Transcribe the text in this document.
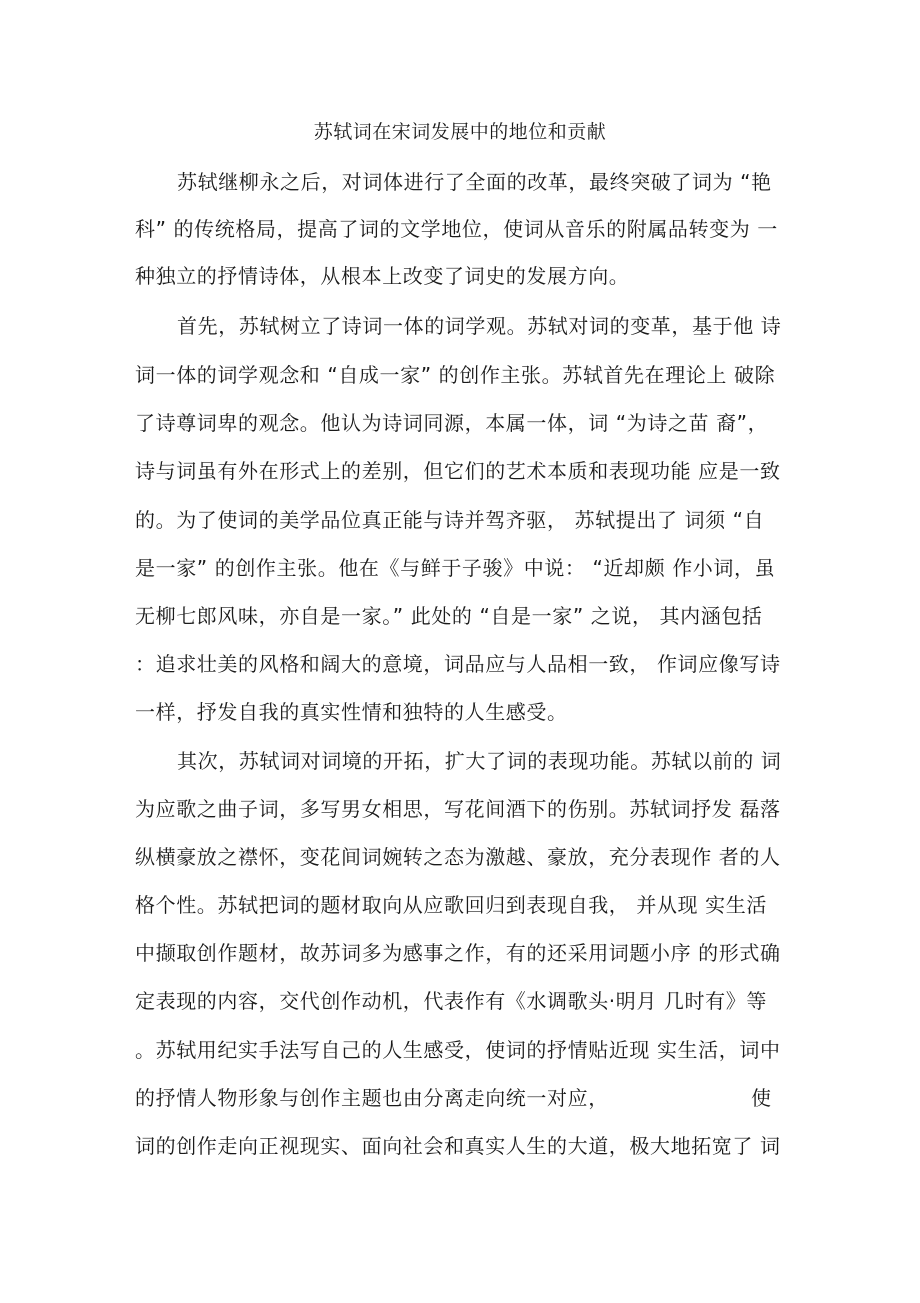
苏轼词在宋词发展中的地位和贡献
苏轼继柳永之后，对词体进行了全面的改革，最终突破了词为 “艳
科” 的传统格局，提高了词的文学地位，使词从音乐的附属品转变为 一
种独立的抒情诗体，从根本上改变了词史的发展方向。
首先，苏轼树立了诗词一体的词学观。苏轼对词的变革，基于他 诗
词一体的词学观念和 “自成一家” 的创作主张。苏轼首先在理论上 破除
了诗尊词卑的观念。他认为诗词同源，本属一体，词 “为诗之苗 裔”，
诗与词虽有外在形式上的差别，但它们的艺术本质和表现功能 应是一致
的。为了使词的美学品位真正能与诗并驾齐驱， 苏轼提出了 词须 “自
是一家” 的创作主张。他在《与鲜于子骏》中说： “近却颇 作小词，虽
无柳七郎风味，亦自是一家。” 此处的 “自是一家” 之说， 其内涵包括
：追求壮美的风格和阔大的意境，词品应与人品相一致， 作词应像写诗
一样，抒发自我的真实性情和独特的人生感受。
其次，苏轼词对词境的开拓，扩大了词的表现功能。苏轼以前的 词
为应歌之曲子词，多写男女相思，写花间酒下的伤别。苏轼词抒发 磊落
纵横豪放之襟怀，变花间词婉转之态为激越、豪放，充分表现作 者的人
格个性。苏轼把词的题材取向从应歌回归到表现自我， 并从现 实生活
中撷取创作题材，故苏词多为感事之作，有的还采用词题小序 的形式确
定表现的内容，交代创作动机，代表作有《水调歌头·明月 几时有》等
。苏轼用纪实手法写自己的人生感受，使词的抒情贴近现 实生活，词中
的抒情人物形象与创作主题也由分离走向统一对应，	使
词的创作走向正视现实、面向社会和真实人生的大道，极大地拓宽了 词
